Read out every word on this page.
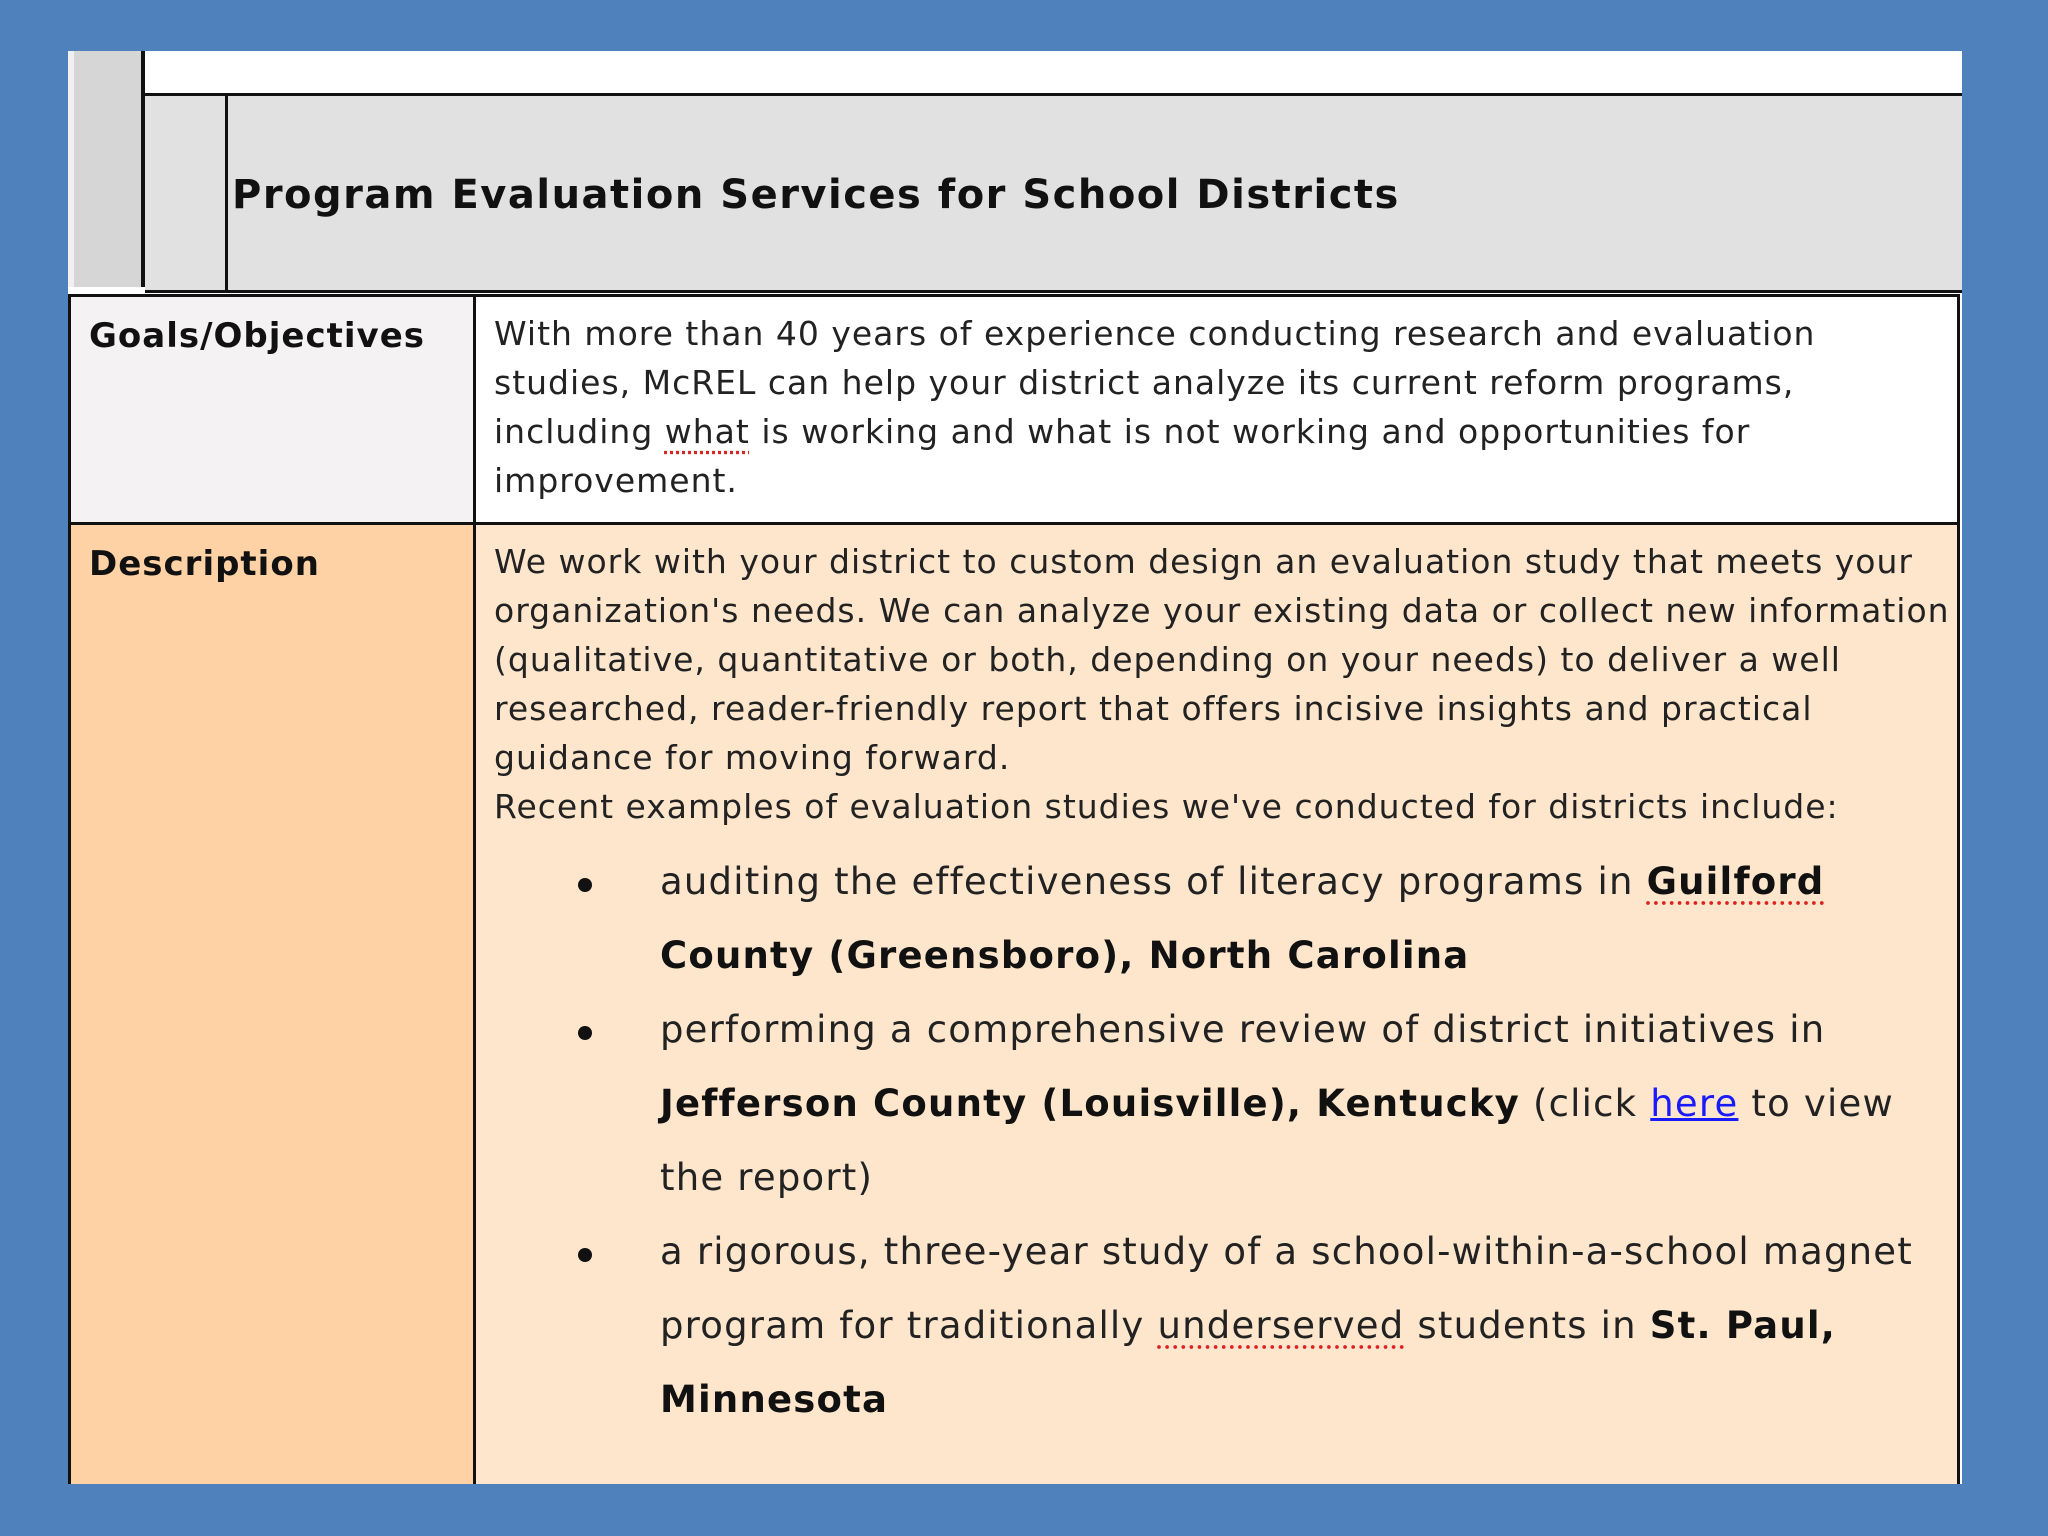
Program Evaluation Services for School Districts
Goals/Objectives	With more than 40 years of experience conducting research and evaluation studies, McREL can help your district analyze its current reform programs, including what is working and what is not working and opportunities for improvement.

Description	We work with your district to custom design an evaluation study that meets your organization's needs. We can analyze your existing data or collect new information (qualitative, quantitative or both, depending on your needs) to deliver a well researched, reader-friendly report that offers incisive insights and practical guidance for moving forward.

Recent examples of evaluation studies we've conducted for districts include:

auditing the effectiveness of literacy programs in Guilford County (Greensboro), North Carolina
performing a comprehensive review of district initiatives in Jefferson County (Louisville), Kentucky (click here to view the report)
a rigorous, three-year study of a school-within-a-school magnet program for traditionally underserved students in St. Paul, Minnesota
